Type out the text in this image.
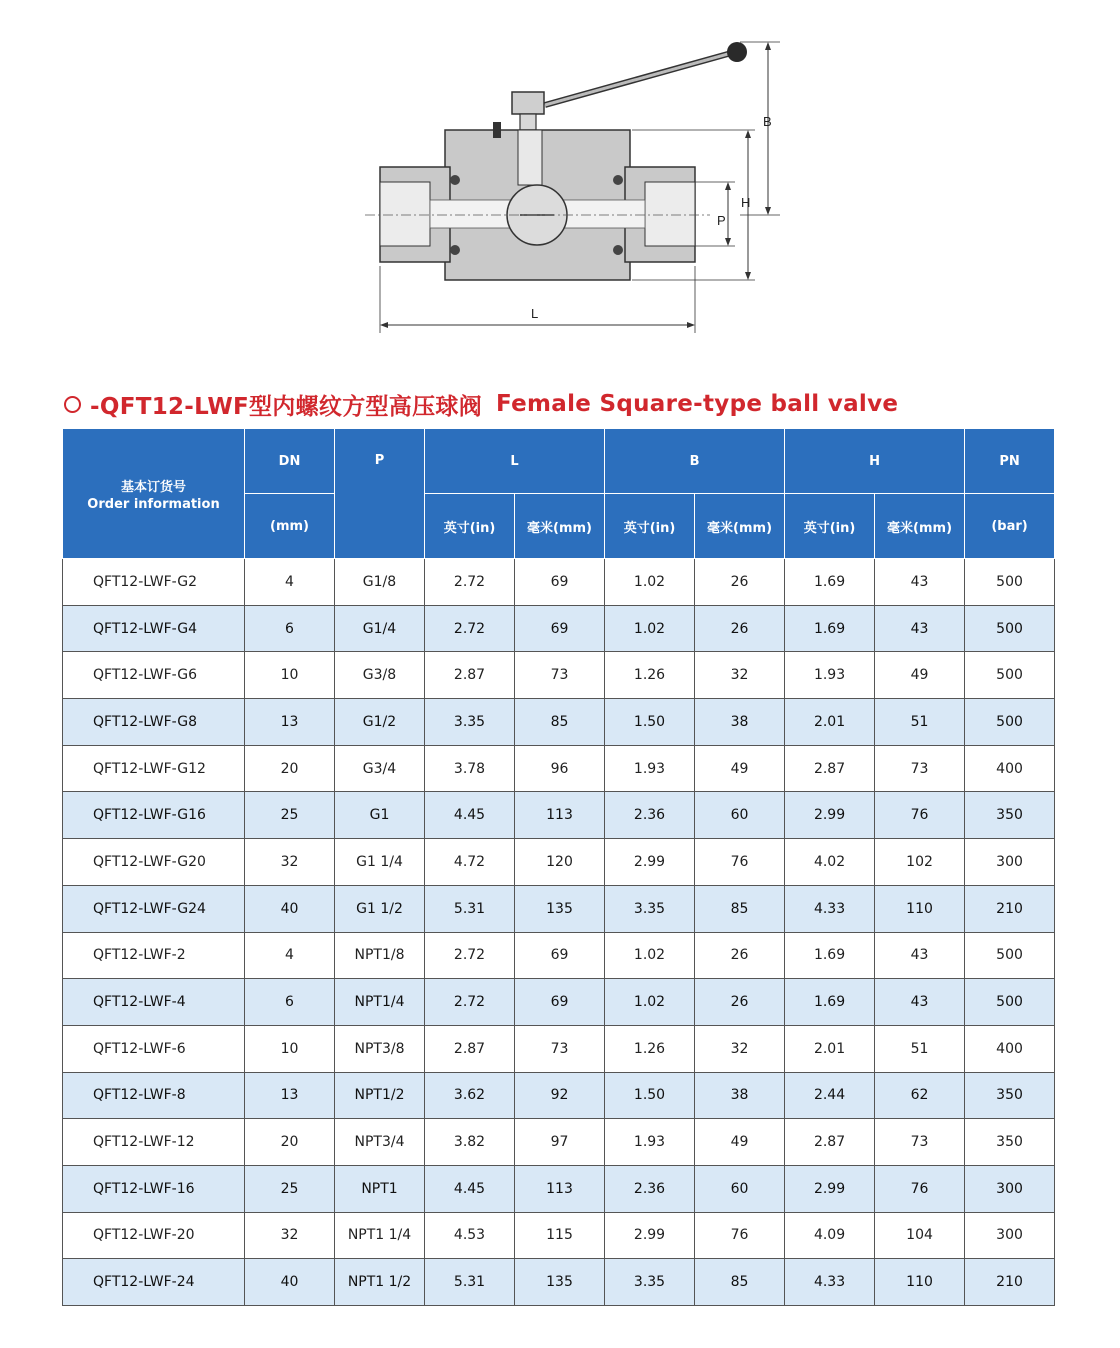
B
H
P
L
-QFT12-LWF型内螺纹方型高压球阀 Female Square-type ball valve
基本订货号
Order information	DN	P	L		B		H		PN
	(mm)		英寸(in)	毫米(mm)	英寸(in)	毫米(mm)	英寸(in)	毫米(mm)	(bar)
QFT12-LWF-G2	4	G1/8	2.72	69	1.02	26	1.69	43	500
QFT12-LWF-G4	6	G1/4	2.72	69	1.02	26	1.69	43	500
QFT12-LWF-G6	10	G3/8	2.87	73	1.26	32	1.93	49	500
QFT12-LWF-G8	13	G1/2	3.35	85	1.50	38	2.01	51	500
QFT12-LWF-G12	20	G3/4	3.78	96	1.93	49	2.87	73	400
QFT12-LWF-G16	25	G1	4.45	113	2.36	60	2.99	76	350
QFT12-LWF-G20	32	G1 1/4	4.72	120	2.99	76	4.02	102	300
QFT12-LWF-G24	40	G1 1/2	5.31	135	3.35	85	4.33	110	210
QFT12-LWF-2	4	NPT1/8	2.72	69	1.02	26	1.69	43	500
QFT12-LWF-4	6	NPT1/4	2.72	69	1.02	26	1.69	43	500
QFT12-LWF-6	10	NPT3/8	2.87	73	1.26	32	2.01	51	400
QFT12-LWF-8	13	NPT1/2	3.62	92	1.50	38	2.44	62	350
QFT12-LWF-12	20	NPT3/4	3.82	97	1.93	49	2.87	73	350
QFT12-LWF-16	25	NPT1	4.45	113	2.36	60	2.99	76	300
QFT12-LWF-20	32	NPT1 1/4	4.53	115	2.99	76	4.09	104	300
QFT12-LWF-24	40	NPT1 1/2	5.31	135	3.35	85	4.33	110	210
